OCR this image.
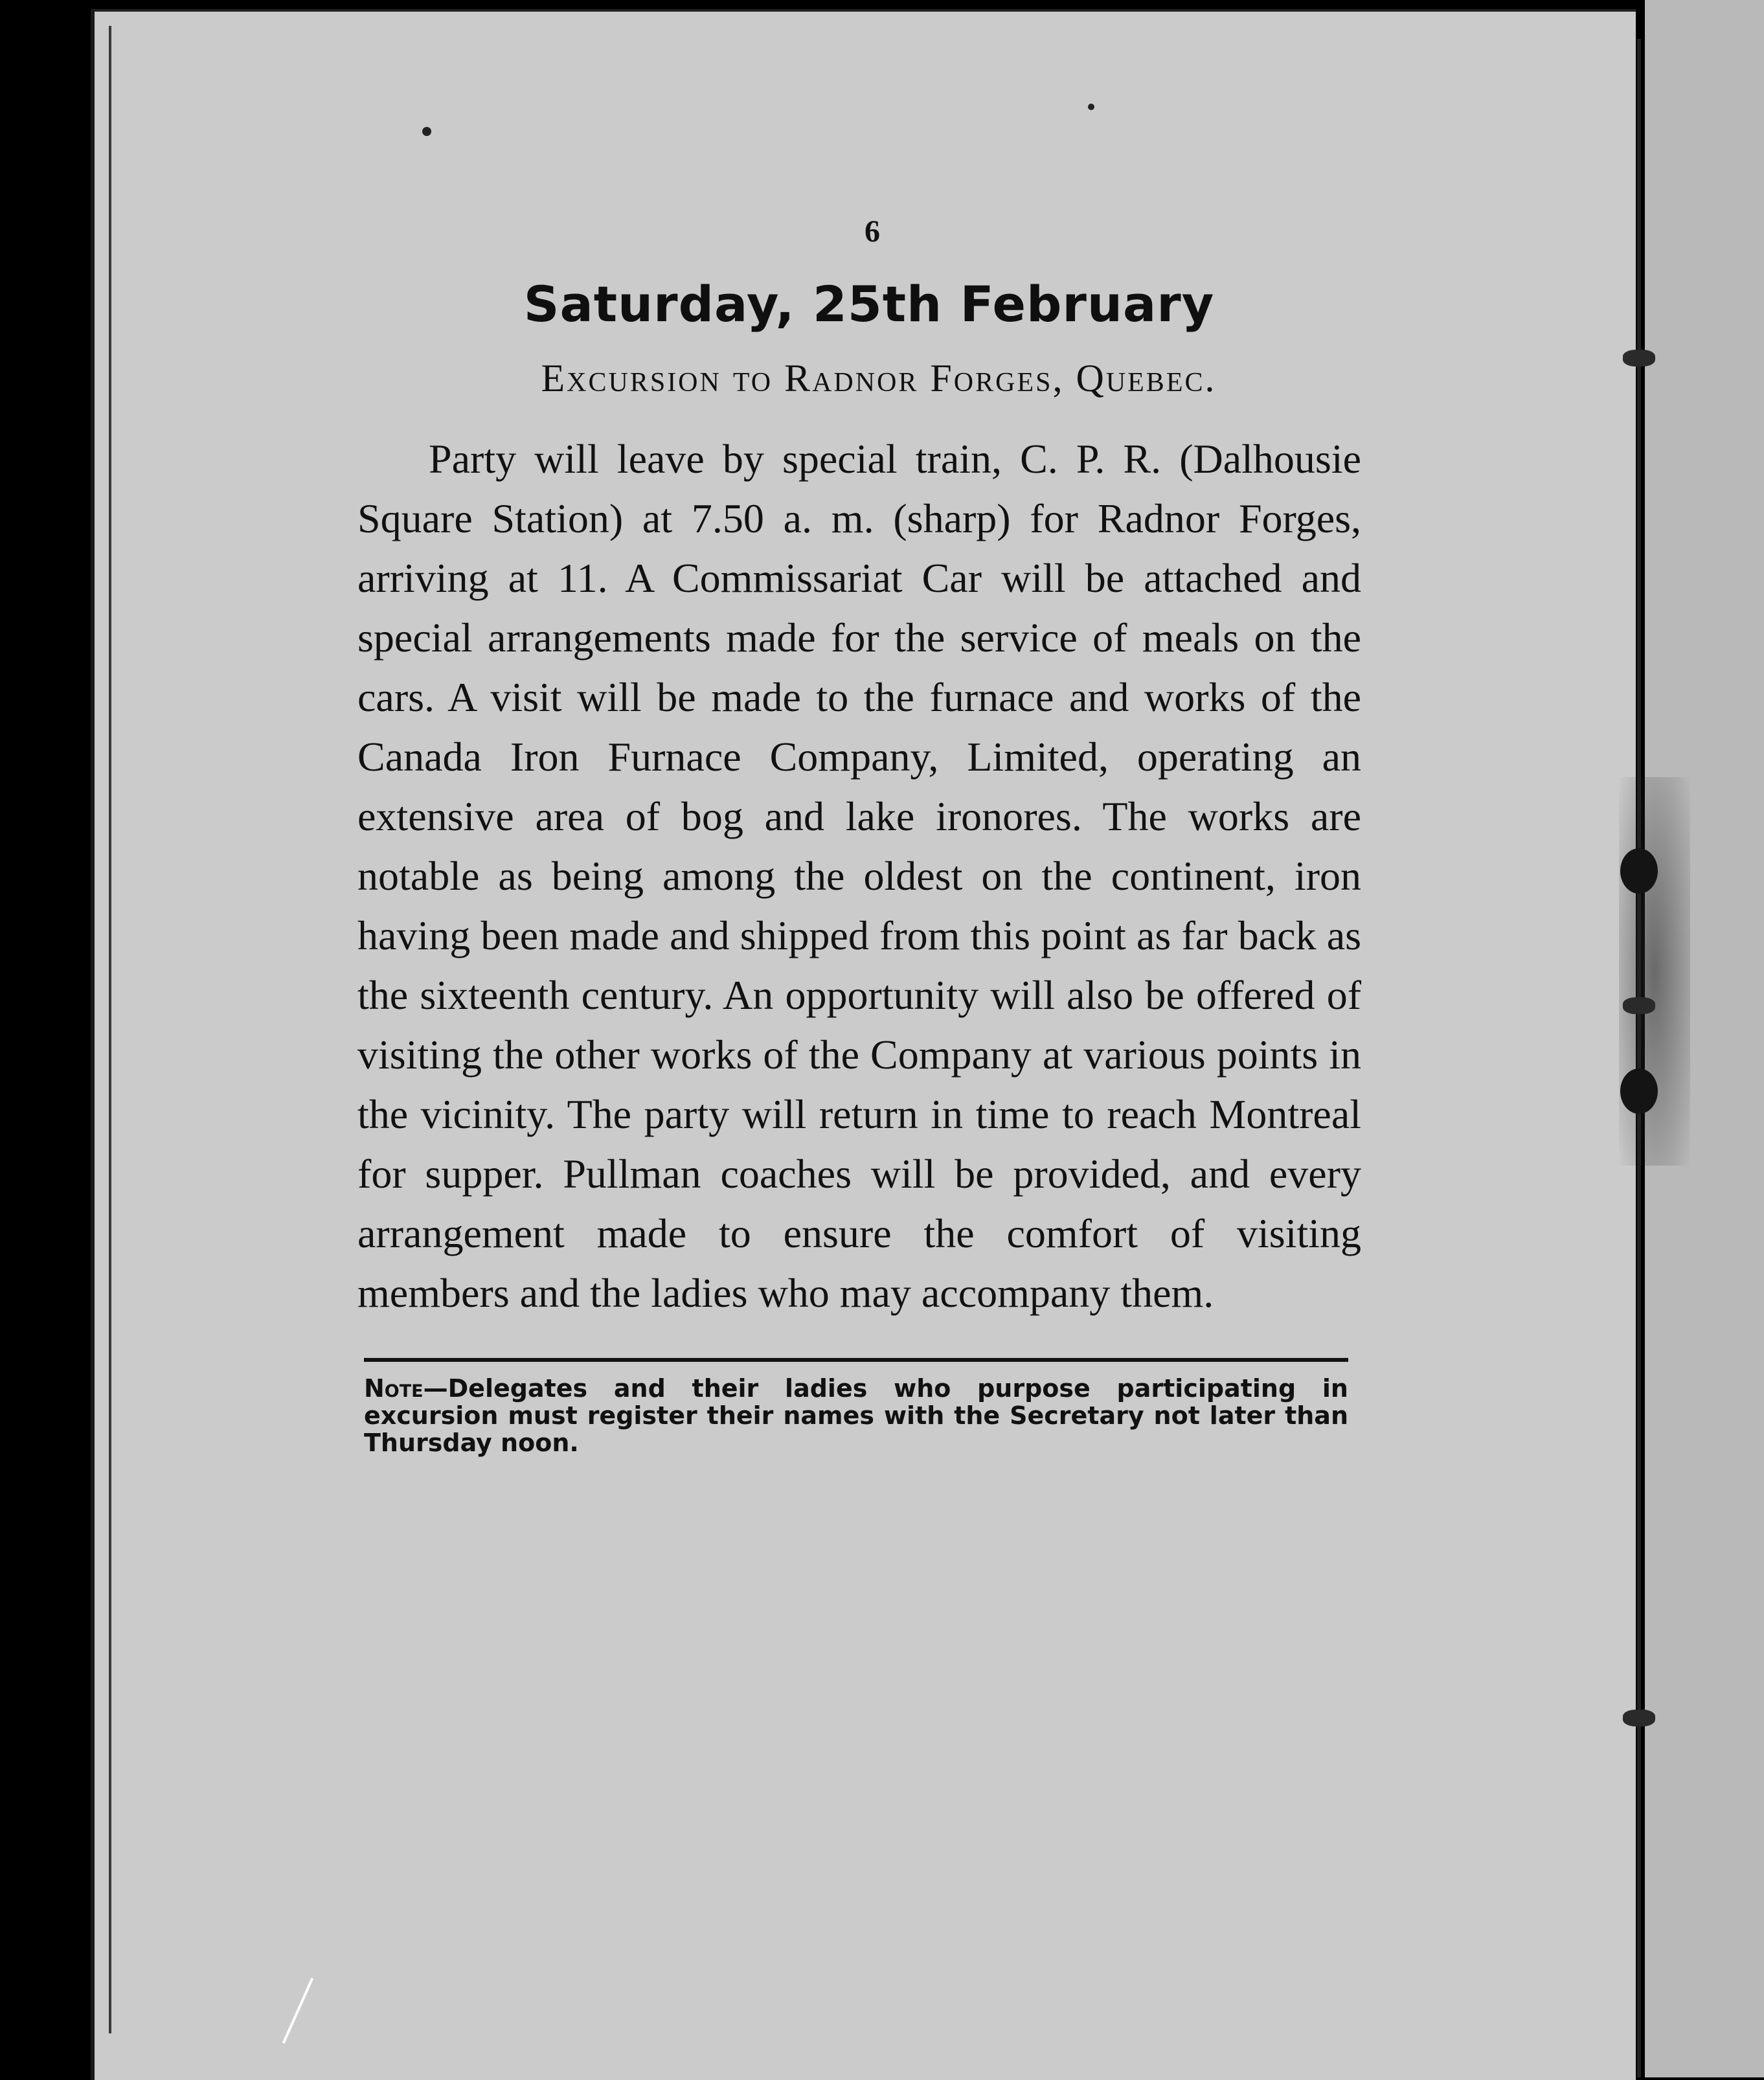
6
Saturday, 25th February
Excursion to Radnor Forges, Quebec.

Party will leave by special train, C. P. R. (Dalhousie Square Station) at 7.50 a. m. (sharp) for Radnor Forges, arriving at 11. A Commissariat Car will be attached and special arrangements made for the service of meals on the cars. A visit will be made to the furnace and works of the Canada Iron Furnace Company, Limited, operating an extensive area of bog and lake ironores. The works are notable as being among the oldest on the continent, iron having been made and shipped from this point as far back as the sixteenth century. An opportunity will also be offered of visiting the other works of the Company at various points in the vicinity. The party will return in time to reach Montreal for supper. Pullman coaches will be provided, and every arrangement made to ensure the comfort of visiting members and the ladies who may accompany them.

Note—Delegates and their ladies who purpose participating in excursion must register their names with the Secretary not later than Thursday noon.
